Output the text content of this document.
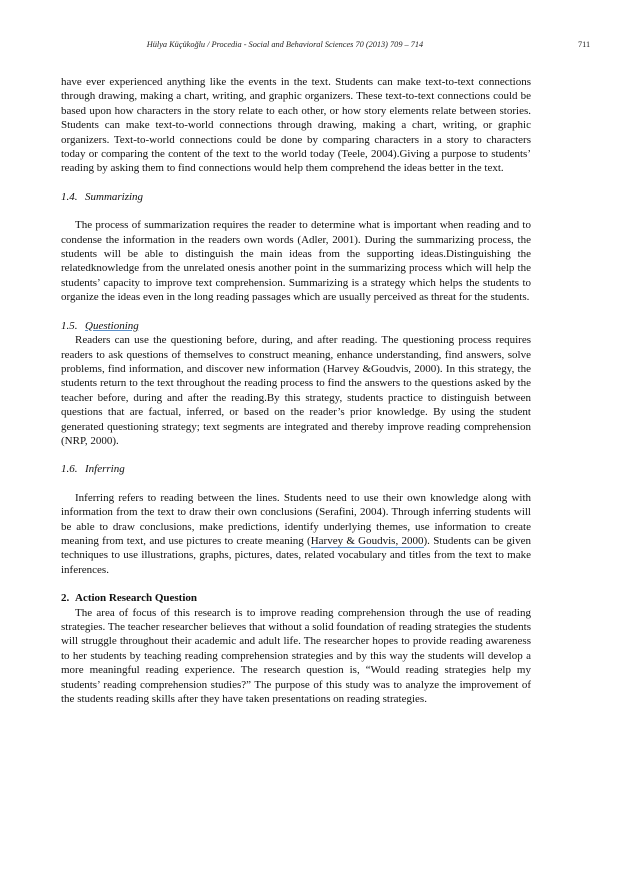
Hülya Küçükoğlu / Procedia - Social and Behavioral Sciences 70 (2013) 709 – 714	711

have ever experienced anything like the events in the text. Students can make text-to-text connections through drawing, making a chart, writing, and graphic organizers. These text-to-text connections could be based upon how characters in the story relate to each other, or how story elements relate between stories. Students can make text-to-world connections through drawing, making a chart, writing, or graphic organizers. Text-to-world connections could be done by comparing characters in a story to characters today or comparing the content of the text to the world today (Teele, 2004).Giving a purpose to students’ reading by asking them to find connections would help them comprehend the ideas better in the text.

1.4. Summarizing

The process of summarization requires the reader to determine what is important when reading and to condense the information in the readers own words (Adler, 2001). During the summarizing process, the students will be able to distinguish the main ideas from the supporting ideas.Distinguishing the relatedknowledge from the unrelated onesis another point in the summarizing process which will help the students’ capacity to improve text comprehension. Summarizing is a strategy which helps the students to organize the ideas even in the long reading passages which are usually perceived as threat for the students.

1.5. Questioning

Readers can use the questioning before, during, and after reading. The questioning process requires readers to ask questions of themselves to construct meaning, enhance understanding, find answers, solve problems, find information, and discover new information (Harvey &Goudvis, 2000). In this strategy, the students return to the text throughout the reading process to find the answers to the questions asked by the teacher before, during and after the reading.By this strategy, students practice to distinguish between questions that are factual, inferred, or based on the reader’s prior knowledge. By using the student generated questioning strategy; text segments are integrated and thereby improve reading comprehension (NRP, 2000).

1.6. Inferring

Inferring refers to reading between the lines. Students need to use their own knowledge along with information from the text to draw their own conclusions (Serafini, 2004). Through inferring students will be able to draw conclusions, make predictions, identify underlying themes, use information to create meaning from text, and use pictures to create meaning (Harvey & Goudvis, 2000). Students can be given techniques to use illustrations, graphs, pictures, dates, related vocabulary and titles from the text to make inferences.

2. Action Research Question

The area of focus of this research is to improve reading comprehension through the use of reading strategies. The teacher researcher believes that without a solid foundation of reading strategies the students will struggle throughout their academic and adult life. The researcher hopes to provide reading awareness to her students by teaching reading comprehension strategies and by this way the students will develop a more meaningful reading experience. The research question is, “Would reading strategies help my students’ reading comprehension studies?” The purpose of this study was to analyze the improvement of the students reading skills after they have taken presentations on reading strategies.
